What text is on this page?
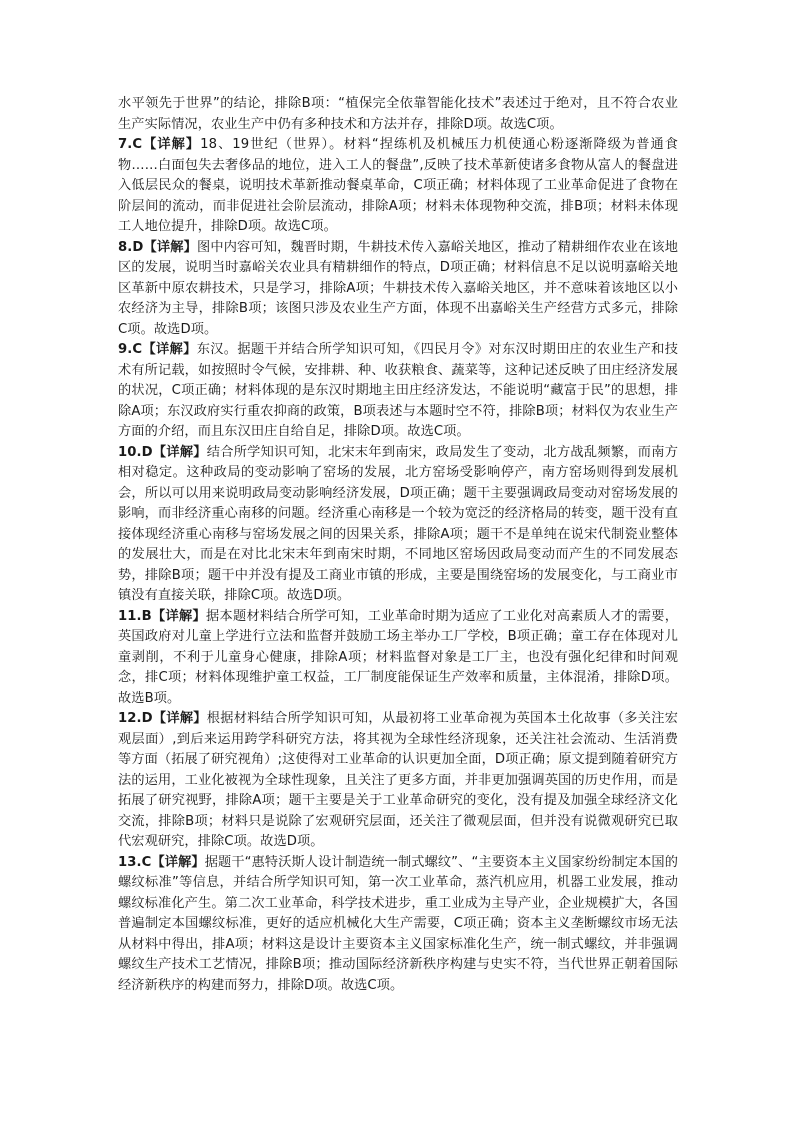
水平领先于世界”的结论，排除B项：“植保完全依靠智能化技术”表述过于绝对，且不符合农业生产实际情况，农业生产中仍有多种技术和方法并存，排除D项。故选C项。

7.C【详解】18、19世纪（世界）。材料“捏练机及机械压力机使通心粉逐渐降级为普通食物……白面包失去奢侈品的地位，进入工人的餐盘”,反映了技术革新使诸多食物从富人的餐盘进入低层民众的餐桌，说明技术革新推动餐桌革命，C项正确；材料体现了工业革命促进了食物在阶层间的流动，而非促进社会阶层流动，排除A项；材料未体现物种交流，排B项；材料未体现工人地位提升，排除D项。故选C项。

8.D【详解】图中内容可知，魏晋时期，牛耕技术传入嘉峪关地区，推动了精耕细作农业在该地区的发展，说明当时嘉峪关农业具有精耕细作的特点，D项正确；材料信息不足以说明嘉峪关地区革新中原农耕技术，只是学习，排除A项；牛耕技术传入嘉峪关地区，并不意味着该地区以小农经济为主导，排除B项；该图只涉及农业生产方面，体现不出嘉峪关生产经营方式多元，排除C项。故选D项。

9.C【详解】东汉。据题干并结合所学知识可知，《四民月令》对东汉时期田庄的农业生产和技术有所记载，如按照时令气候，安排耕、种、收获粮食、蔬菜等，这种记述反映了田庄经济发展的状况，C项正确；材料体现的是东汉时期地主田庄经济发达，不能说明“藏富于民”的思想，排除A项；东汉政府实行重农抑商的政策，B项表述与本题时空不符，排除B项；材料仅为农业生产方面的介绍，而且东汉田庄自给自足，排除D项。故选C项。

10.D【详解】结合所学知识可知，北宋末年到南宋，政局发生了变动，北方战乱频繁，而南方相对稳定。这种政局的变动影响了窑场的发展，北方窑场受影响停产，南方窑场则得到发展机会，所以可以用来说明政局变动影响经济发展，D项正确；题干主要强调政局变动对窑场发展的影响，而非经济重心南移的问题。经济重心南移是一个较为宽泛的经济格局的转变，题干没有直接体现经济重心南移与窑场发展之间的因果关系，排除A项；题干不是单纯在说宋代制瓷业整体的发展壮大，而是在对比北宋末年到南宋时期，不同地区窑场因政局变动而产生的不同发展态势，排除B项；题干中并没有提及工商业市镇的形成，主要是围绕窑场的发展变化，与工商业市镇没有直接关联，排除C项。故选D项。

11.B【详解】据本题材料结合所学可知，工业革命时期为适应了工业化对高素质人才的需要，英国政府对儿童上学进行立法和监督并鼓励工场主举办工厂学校，B项正确；童工存在体现对儿童剥削，不利于儿童身心健康，排除A项；材料监督对象是工厂主，也没有强化纪律和时间观念，排C项；材料体现维护童工权益，工厂制度能保证生产效率和质量，主体混淆，排除D项。故选B项。

12.D【详解】根据材料结合所学知识可知，从最初将工业革命视为英国本土化故事（多关注宏观层面）,到后来运用跨学科研究方法，将其视为全球性经济现象，还关注社会流动、生活消费等方面（拓展了研究视角）;这使得对工业革命的认识更加全面，D项正确；原文提到随着研究方法的运用，工业化被视为全球性现象，且关注了更多方面，并非更加强调英国的历史作用，而是拓展了研究视野，排除A项；题干主要是关于工业革命研究的变化，没有提及加强全球经济文化交流，排除B项；材料只是说除了宏观研究层面，还关注了微观层面，但并没有说微观研究已取代宏观研究，排除C项。故选D项。

13.C【详解】据题干“惠特沃斯人设计制造统一制式螺纹”、“主要资本主义国家纷纷制定本国的螺纹标准”等信息，并结合所学知识可知，第一次工业革命，蒸汽机应用，机器工业发展，推动螺纹标准化产生。第二次工业革命，科学技术进步，重工业成为主导产业，企业规模扩大，各国普遍制定本国螺纹标准，更好的适应机械化大生产需要，C项正确；资本主义垄断螺纹市场无法从材料中得出，排A项；材料这是设计主要资本主义国家标准化生产，统一制式螺纹，并非强调螺纹生产技术工艺情况，排除B项；推动国际经济新秩序构建与史实不符，当代世界正朝着国际经济新秩序的构建而努力，排除D项。故选C项。
